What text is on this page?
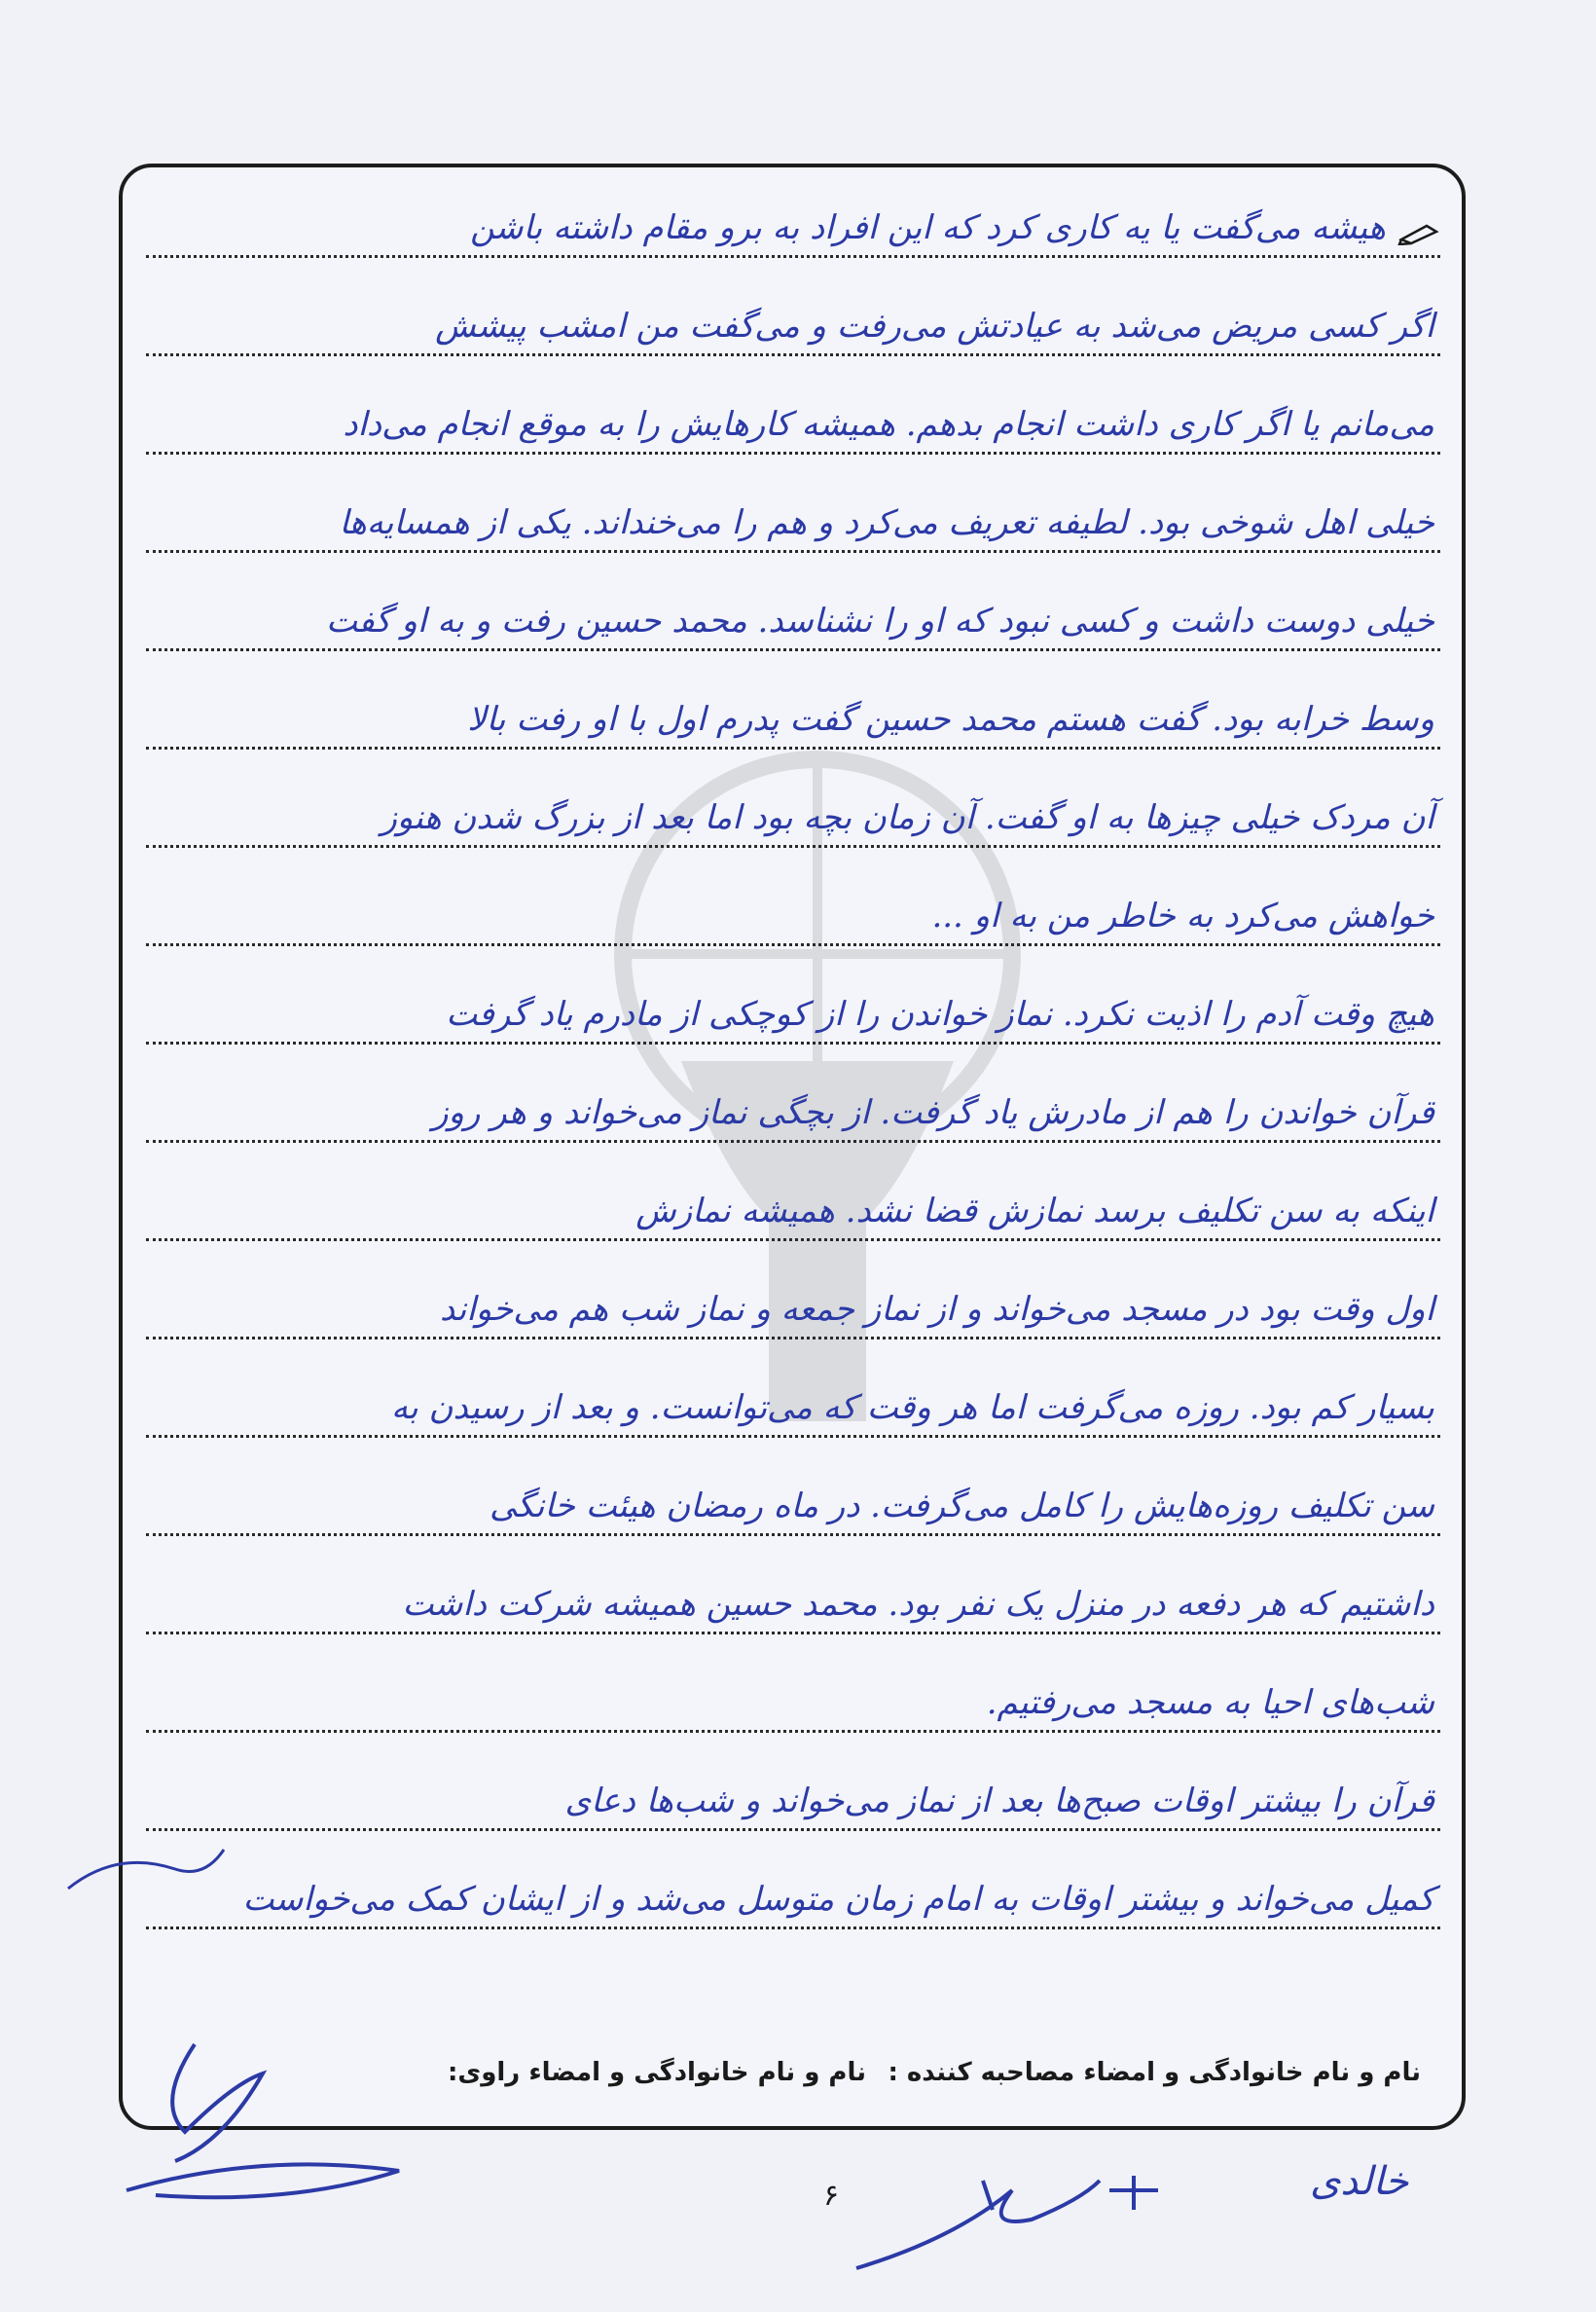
هیشه می‌گفت یا یه کاری کرد که این افراد به برو مقام داشته باشن
اگر کسی مریض می‌شد به عیادتش می‌رفت و می‌گفت من امشب پیشش
می‌مانم یا اگر کاری داشت انجام بدهم. همیشه کارهایش را به موقع انجام می‌داد
خیلی اهل شوخی بود. لطیفه تعریف می‌کرد و هم را می‌خنداند. یکی از همسایه‌ها
خیلی دوست داشت و کسی نبود که او را نشناسد. محمد حسین رفت و به او گفت
وسط خرابه بود. گفت هستم محمد حسین گفت پدرم اول با او رفت بالا
آن مردک خیلی چیزها به او گفت. آن زمان بچه بود اما بعد از بزرگ شدن هنوز
خواهش می‌کرد به خاطر من به او ...
هیچ وقت آدم را اذیت نکرد. نماز خواندن را از کوچکی از مادرم یاد گرفت
قرآن خواندن را هم از مادرش یاد گرفت. از بچگی نماز می‌خواند و هر روز
اینکه به سن تکلیف برسد نمازش قضا نشد. همیشه نمازش
اول وقت بود در مسجد می‌خواند و از نماز جمعه و نماز شب هم می‌خواند
بسیار کم بود. روزه می‌گرفت اما هر وقت که می‌توانست. و بعد از رسیدن به
سن تکلیف روزه‌هایش را کامل می‌گرفت. در ماه رمضان هیئت خانگی
داشتیم که هر دفعه در منزل یک نفر بود. محمد حسین همیشه شرکت داشت
شب‌های احیا به مسجد می‌رفتیم.
قرآن را بیشتر اوقات صبح‌ها بعد از نماز می‌خواند و شب‌ها دعای
کمیل می‌خواند و بیشتر اوقات به امام زمان متوسل می‌شد و از ایشان کمک می‌خواست
نام و نام خانوادگی و امضاء مصاحبه کننده :
نام و نام خانوادگی و امضاء راوی:
خالدی
۶
